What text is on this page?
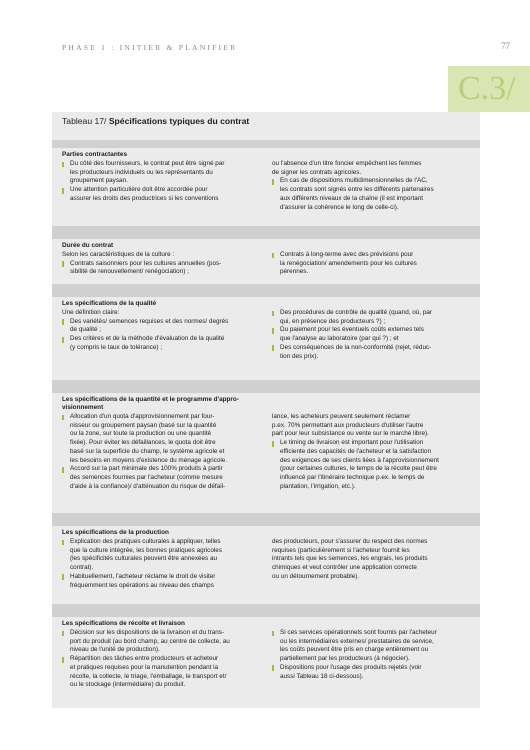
PHASE 1 : INITIER & PLANIFIER	77
C.3/
Tableau 17/ Spécifications typiques du contrat
Parties contractantes
Du côté des fournisseurs, le contrat peut être signé par
les producteurs individuels ou les représentants du
groupement paysan.
Une attention particulière doit être accordée pour
assurer les droits des productrices si les conventions
ou l'absence d'un titre foncier empêchent les femmes
de signer les contrats agricoles.
En cas de dispositions multidimensionnelles de l'AC,
les contrats sont signés entre les différents partenaires
aux différents niveaux de la chaîne (il est important
d'assurer la cohérence le long de celle-ci).
Durée du contrat
Selon les caractéristiques de la culture :
Contrats saisonniers pour les cultures annuelles (pos-
sibilité de renouvellement/ renégociation) ;
Contrats à long-terme avec des prévisions pour
la renégociation/ amendements pour les cultures
pérennes.
Les spécifications de la qualité
Une définition claire:
Des variétés/ semences requises et des normes/ degrés
de qualité ;
Des critères et de la méthode d'évaluation de la qualité
(y compris le taux de tolérance) ;
Des procédures de contrôle de qualité (quand, où, par
qui, en présence des producteurs ?) ;
Du paiement pour les éventuels coûts externes tels
que l'analyse au laboratoire (par qui ?) ; et
Des conséquences de la non-conformité (rejet, réduc-
tion des prix).
Les spécifications de la quantité et le programme d'appro-
visionnement
Allocation d'un quota d'approvisionnement par four-
nisseur ou groupement paysan (basé sur la quantité
ou la zone, sur toute la production ou une quantité
fixée). Pour éviter les défaillances, le quota doit être
basé sur la superficie du champ, le système agricole et
les besoins en moyens d'existence du ménage agricole.
Accord sur la part minimale des 100% produits à partir
des semences fournies par l'acheteur (comme mesure
d'aide à la confiance)/ d'atténuation du risque de défail-
lance, les acheteurs peuvent seulement réclamer
p.ex. 70% permettant aux producteurs d'utiliser l'autre
part pour leur subsistance ou vente sur le marché libre).
Le timing de livraison est important pour l'utilisation
efficiente des capacités de l'acheteur et la satisfaction
des exigences de ses clients liées à l'approvisionnement
(pour certaines cultures, le temps de la récolte peut être
influencé par l'itinéraire technique p.ex. le temps de
plantation, l'irrigation, etc.).
Les spécifications de la production
Explication des pratiques culturales à appliquer, telles
que la culture intégrée, les bonnes pratiques agricoles
(les spécificités culturales peuvent être annexées au
contrat).
Habituellement, l'acheteur réclame le droit de visiter
fréquemment les opérations au niveau des champs
des producteurs, pour s'assurer du respect des normes
requises (particulièrement si l'acheteur fournit les
intrants tels que les semences, les engrais, les produits
chimiques et veut contrôler une application correcte
ou un détournement probable).
Les spécifications de récolte et livraison
Décision sur les dispositions de la livraison et du trans-
port du produit (au bord champ, au centre de collecte, au
niveau de l'unité de production).
Répartition des tâches entre producteurs et acheteur
et pratiques requises pour la manutention pendant la
récolte, la collecte, le triage, l'emballage, le transport et/
ou le stockage (intermédiaire) du produit.
Si ces services opérationnels sont fournis par l'acheteur
ou les intermédiaires externes/ prestataires de service,
les coûts peuvent être pris en charge entièrement ou
partiellement par les producteurs (à négocier).
Dispositions pour l'usage des produits rejetés (voir
aussi Tableau 18 ci-dessous).
